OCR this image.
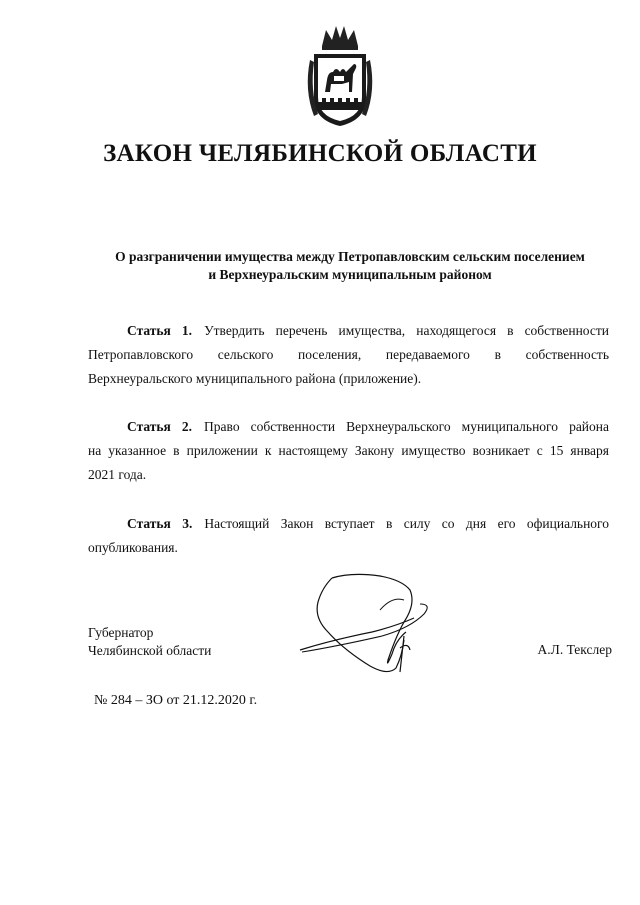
ЗАКОН ЧЕЛЯБИНСКОЙ ОБЛАСТИ
О разграничении имущества между Петропавловским сельским поселением
и Верхнеуральским муниципальным районом
Статья 1. Утвердить перечень имущества, находящегося в собственности
Петропавловского сельского поселения, передаваемого в собственность
Верхнеуральского муниципального района (приложение).
Статья 2. Право собственности Верхнеуральского муниципального района
на указанное в приложении к настоящему Закону имущество возникает с 15 января
2021 года.
Статья 3. Настоящий Закон вступает в силу со дня его официального
опубликования.
Губернатор
Челябинской области	А.Л. Текслер
№ 284 – ЗО от 21.12.2020 г.
